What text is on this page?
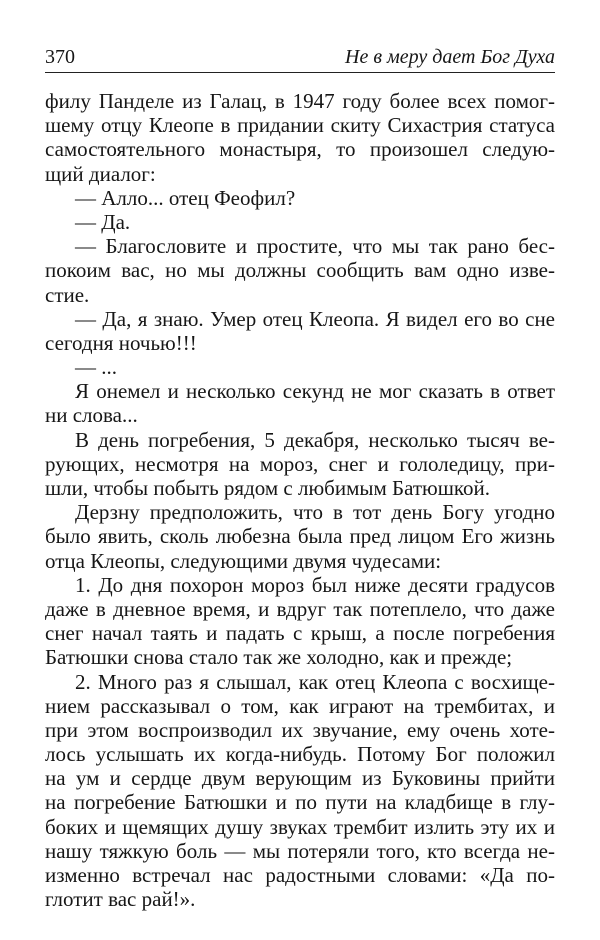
370	Не в меру дает Бог Духа
филу Панделе из Галац, в 1947 году более всех помог-
шему отцу Клеопе в придании скиту Сихастрия статуса
самостоятельного монастыря, то произошел следую-
щий диалог:
— Алло... отец Феофил?
— Да.
— Благословите и простите, что мы так рано бес-
покоим вас, но мы должны сообщить вам одно изве-
стие.
— Да, я знаю. Умер отец Клеопа. Я видел его во сне
сегодня ночью!!!
— ...
Я онемел и несколько секунд не мог сказать в ответ
ни слова...
В день погребения, 5 декабря, несколько тысяч ве-
рующих, несмотря на мороз, снег и гололедицу, при-
шли, чтобы побыть рядом с любимым Батюшкой.
Дерзну предположить, что в тот день Богу угодно
было явить, сколь любезна была пред лицом Его жизнь
отца Клеопы, следующими двумя чудесами:
1. До дня похорон мороз был ниже десяти градусов
даже в дневное время, и вдруг так потеплело, что даже
снег начал таять и падать с крыш, а после погребения
Батюшки снова стало так же холодно, как и прежде;
2. Много раз я слышал, как отец Клеопа с восхище-
нием рассказывал о том, как играют на трембитах, и
при этом воспроизводил их звучание, ему очень хоте-
лось услышать их когда-нибудь. Потому Бог положил
на ум и сердце двум верующим из Буковины прийти
на погребение Батюшки и по пути на кладбище в глу-
боких и щемящих душу звуках трембит излить эту их и
нашу тяжкую боль — мы потеряли того, кто всегда не-
изменно встречал нас радостными словами: «Да по-
глотит вас рай!».
